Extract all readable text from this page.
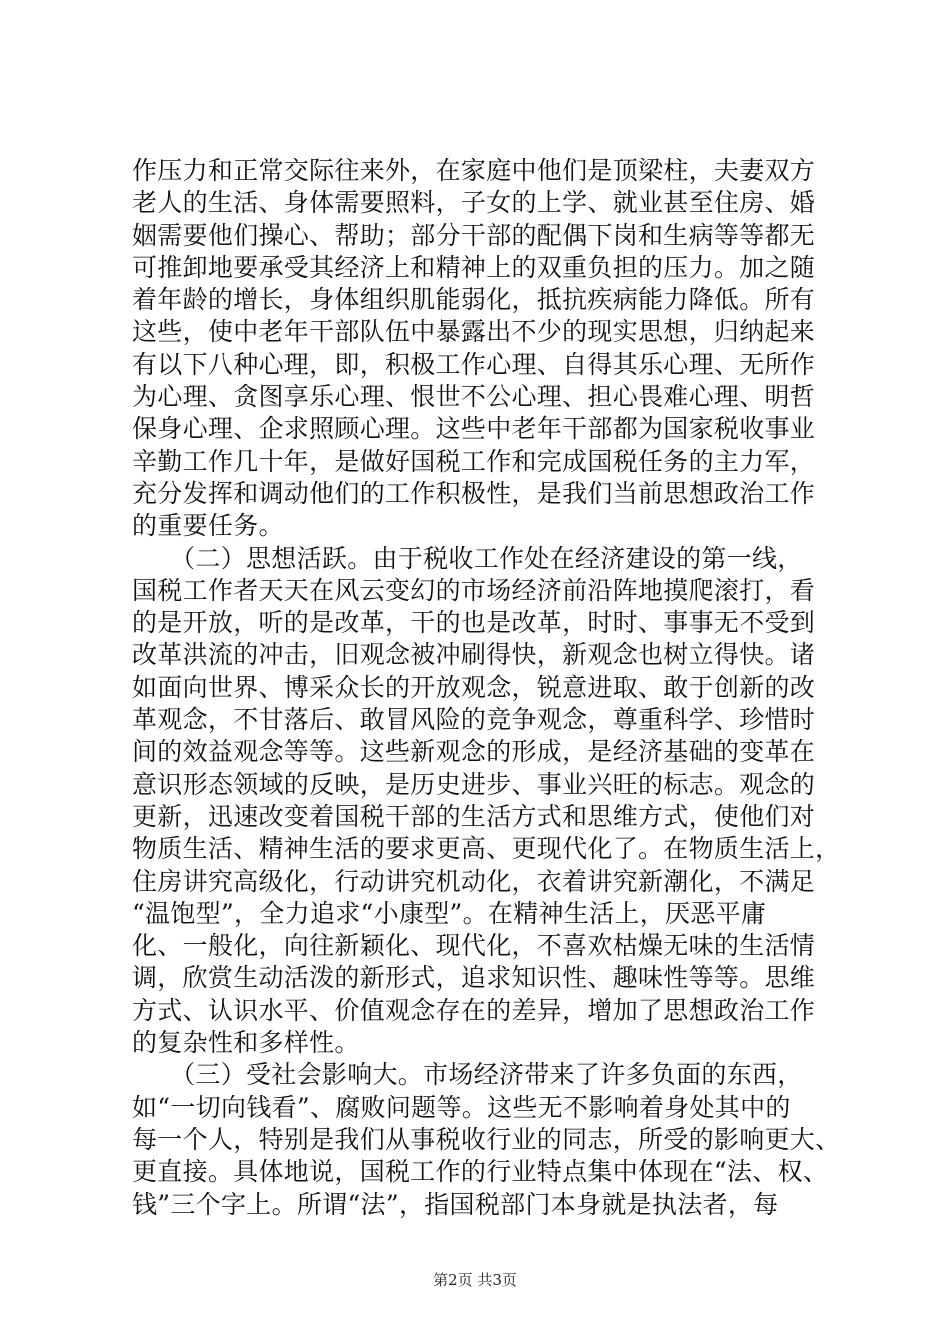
作压力和正常交际往来外，在家庭中他们是顶梁柱，夫妻双方
老人的生活、身体需要照料，子女的上学、就业甚至住房、婚
姻需要他们操心、帮助；部分干部的配偶下岗和生病等等都无
可推卸地要承受其经济上和精神上的双重负担的压力。加之随
着年龄的增长，身体组织肌能弱化，抵抗疾病能力降低。所有
这些，使中老年干部队伍中暴露出不少的现实思想，归纳起来
有以下八种心理，即，积极工作心理、自得其乐心理、无所作
为心理、贪图享乐心理、恨世不公心理、担心畏难心理、明哲
保身心理、企求照顾心理。这些中老年干部都为国家税收事业
辛勤工作几十年，是做好国税工作和完成国税任务的主力军，
充分发挥和调动他们的工作积极性，是我们当前思想政治工作
的重要任务。
　　（二）思想活跃。由于税收工作处在经济建设的第一线，
国税工作者天天在风云变幻的市场经济前沿阵地摸爬滚打，看
的是开放，听的是改革，干的也是改革，时时、事事无不受到
改革洪流的冲击，旧观念被冲刷得快，新观念也树立得快。诸
如面向世界、博采众长的开放观念，锐意进取、敢于创新的改
革观念，不甘落后、敢冒风险的竞争观念，尊重科学、珍惜时
间的效益观念等等。这些新观念的形成，是经济基础的变革在
意识形态领域的反映，是历史进步、事业兴旺的标志。观念的
更新，迅速改变着国税干部的生活方式和思维方式，使他们对
物质生活、精神生活的要求更高、更现代化了。在物质生活上，
住房讲究高级化，行动讲究机动化，衣着讲究新潮化，不满足
“温饱型”，全力追求“小康型”。在精神生活上，厌恶平庸
化、一般化，向往新颖化、现代化，不喜欢枯燥无味的生活情
调，欣赏生动活泼的新形式，追求知识性、趣味性等等。思维
方式、认识水平、价值观念存在的差异，增加了思想政治工作
的复杂性和多样性。
　　（三）受社会影响大。市场经济带来了许多负面的东西，
如“一切向钱看”、腐败问题等。这些无不影响着身处其中的
每一个人，特别是我们从事税收行业的同志，所受的影响更大、
更直接。具体地说，国税工作的行业特点集中体现在“法、权、
钱”三个字上。所谓“法”，指国税部门本身就是执法者，每
第2页 共3页
